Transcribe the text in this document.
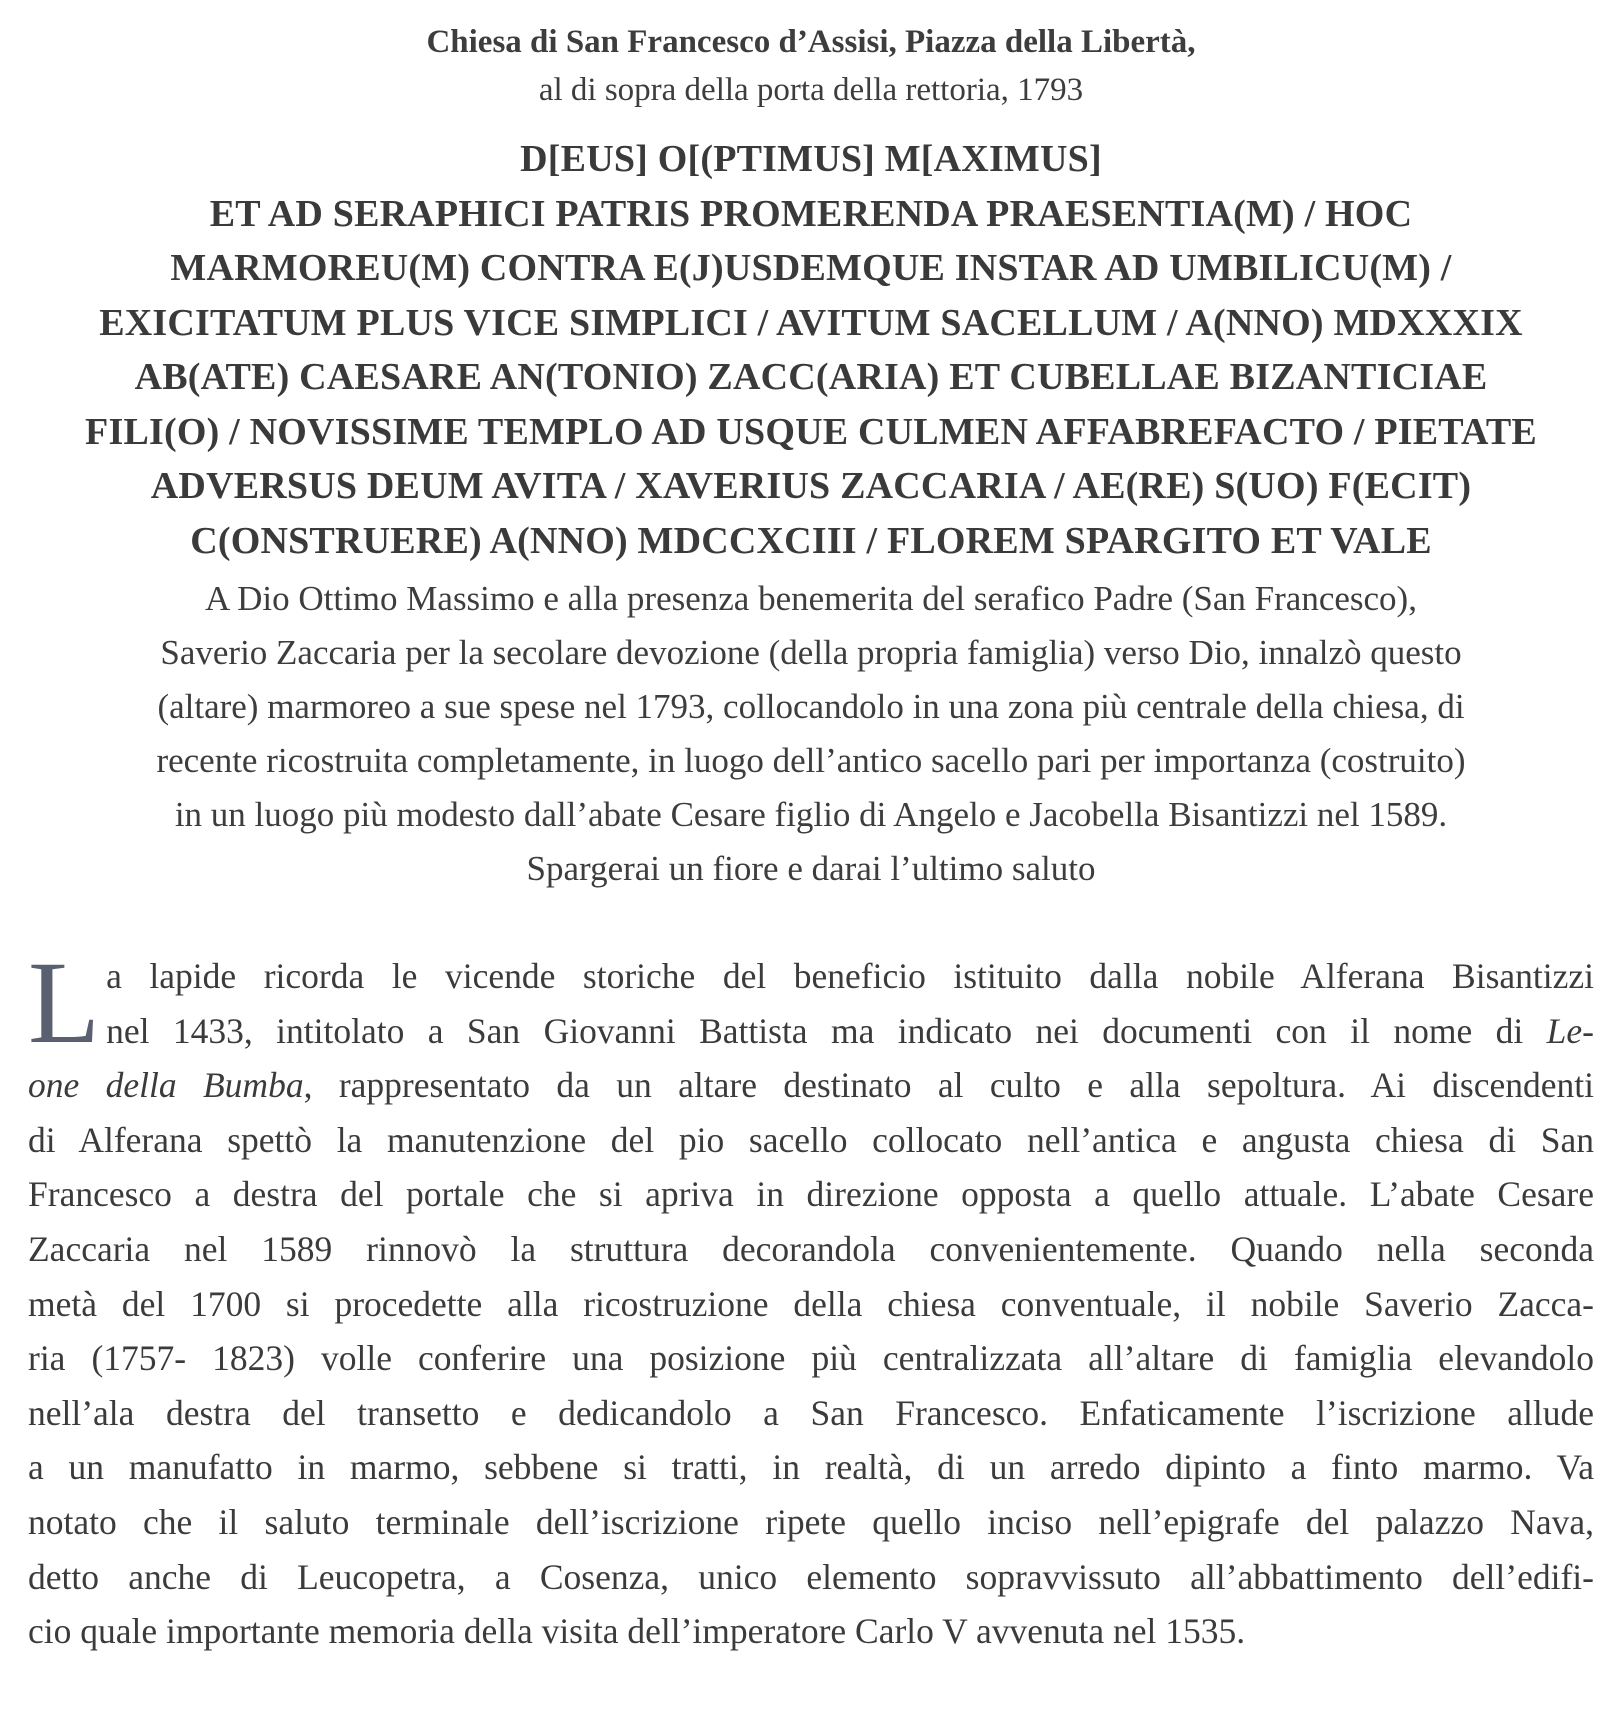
Chiesa di San Francesco d’Assisi, Piazza della Libertà,
al di sopra della porta della rettoria, 1793
D[EUS] O[(PTIMUS] M[AXIMUS]
ET AD SERAPHICI PATRIS PROMERENDA PRAESENTIA(M) / HOC
MARMOREU(M) CONTRA E(J)USDEMQUE INSTAR AD UMBILICU(M) /
EXICITATUM PLUS VICE SIMPLICI / AVITUM SACELLUM / A(NNO) MDXXXIX
AB(ATE) CAESARE AN(TONIO) ZACC(ARIA) ET CUBELLAE BIZANTICIAE
FILI(O) / NOVISSIME TEMPLO AD USQUE CULMEN AFFABREFACTO / PIETATE
ADVERSUS DEUM AVITA / XAVERIUS ZACCARIA / AE(RE) S(UO) F(ECIT)
C(ONSTRUERE) A(NNO) MDCCXCIII / FLOREM SPARGITO ET VALE
A Dio Ottimo Massimo e alla presenza benemerita del serafico Padre (San Francesco),
Saverio Zaccaria per la secolare devozione (della propria famiglia) verso Dio, innalzò questo
(altare) marmoreo a sue spese nel 1793, collocandolo in una zona più centrale della chiesa, di
recente ricostruita completamente, in luogo dell’antico sacello pari per importanza (costruito)
in un luogo più modesto dall’abate Cesare figlio di Angelo e Jacobella Bisantizzi nel 1589.
Spargerai un fiore e darai l’ultimo saluto
L a lapide ricorda le vicende storiche del beneficio istituito dalla nobile Alferana Bisantizzi
nel 1433, intitolato a San Giovanni Battista ma indicato nei documenti con il nome di Le-
one della Bumba, rappresentato da un altare destinato al culto e alla sepoltura. Ai discendenti
di Alferana spettò la manutenzione del pio sacello collocato nell’antica e angusta chiesa di San
Francesco a destra del portale che si apriva in direzione opposta a quello attuale. L’abate Cesare
Zaccaria nel 1589 rinnovò la struttura decorandola convenientemente. Quando nella seconda
metà del 1700 si procedette alla ricostruzione della chiesa conventuale, il nobile Saverio Zacca-
ria (1757- 1823) volle conferire una posizione più centralizzata all’altare di famiglia elevandolo
nell’ala destra del transetto e dedicandolo a San Francesco. Enfaticamente l’iscrizione allude
a un manufatto in marmo, sebbene si tratti, in realtà, di un arredo dipinto a finto marmo. Va
notato che il saluto terminale dell’iscrizione ripete quello inciso nell’epigrafe del palazzo Nava,
detto anche di Leucopetra, a Cosenza, unico elemento sopravvissuto all’abbattimento dell’edifi-
cio quale importante memoria della visita dell’imperatore Carlo V avvenuta nel 1535.
